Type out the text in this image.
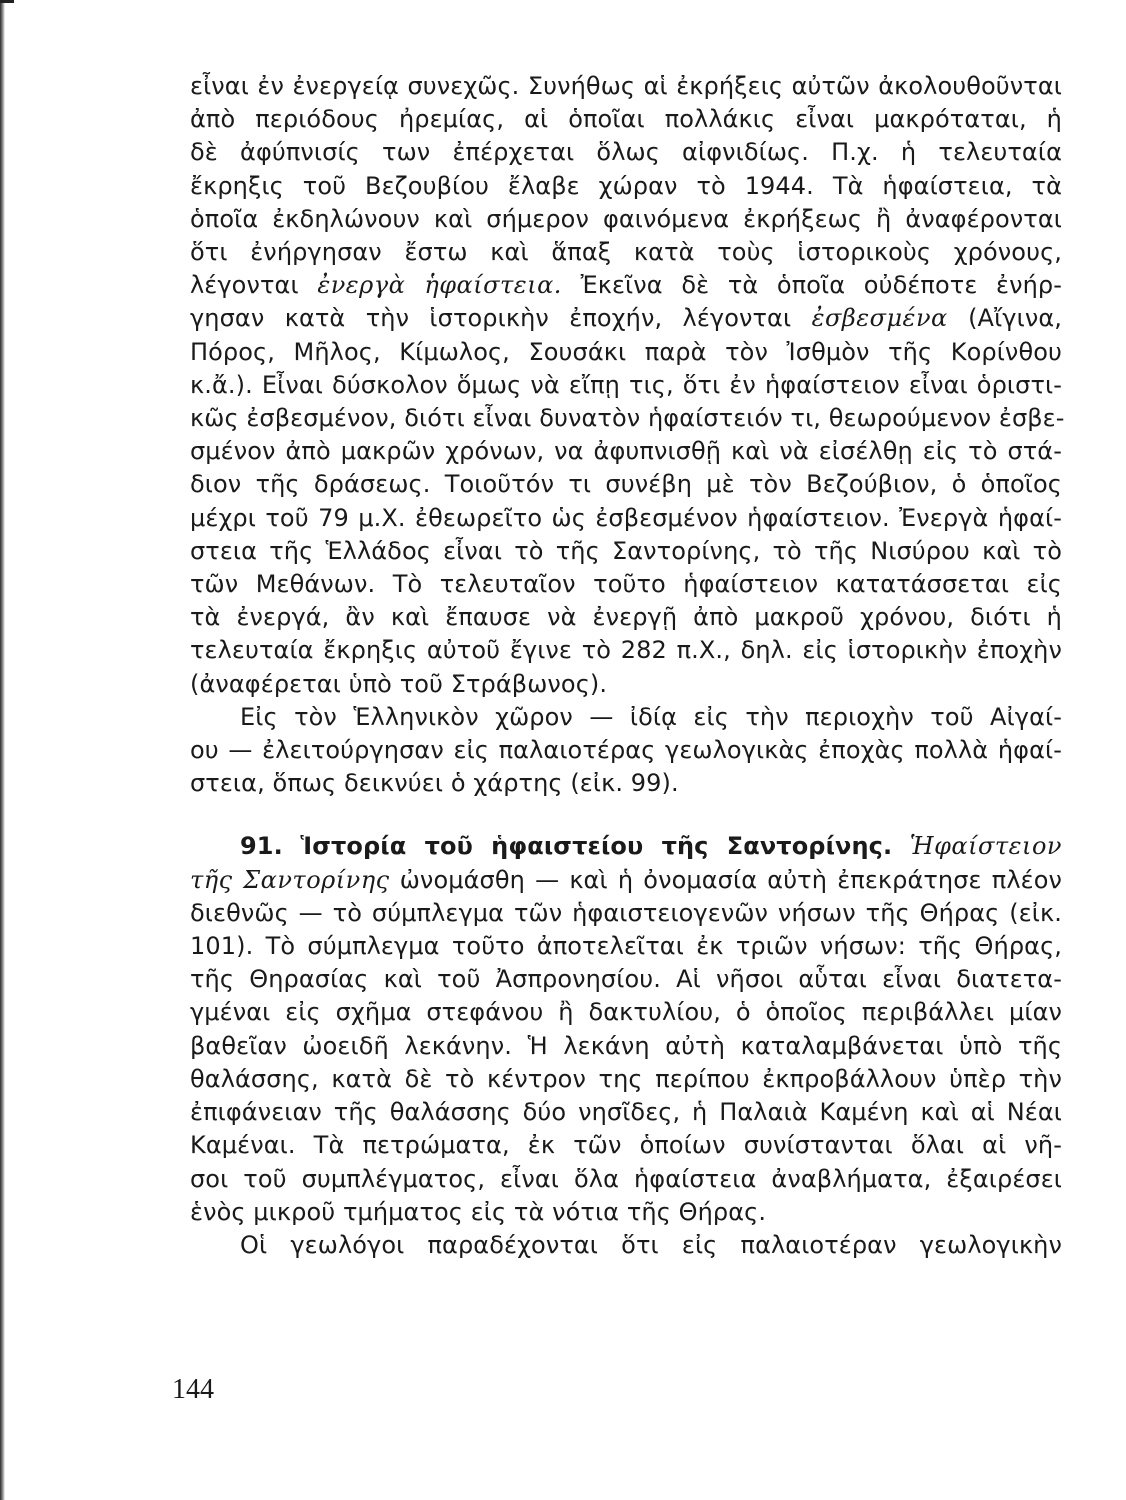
εἶναι ἐν ἐνεργείᾳ συνεχῶς. Συνήθως αἱ ἐκρήξεις αὐτῶν ἀκολουθοῦνται
ἀπὸ περιόδους ἠρεμίας, αἱ ὁποῖαι πολλάκις εἶναι μακρόταται, ἡ
δὲ ἀφύπνισίς των ἐπέρχεται ὅλως αἰφνιδίως. Π.χ. ἡ τελευταία
ἔκρηξις τοῦ Βεζουβίου ἔλαβε χώραν τὸ 1944. Τὰ ἡφαίστεια, τὰ
ὁποῖα ἐκδηλώνουν καὶ σήμερον φαινόμενα ἐκρήξεως ἢ ἀναφέρονται
ὅτι ἐνήργησαν ἔστω καὶ ἅπαξ κατὰ τοὺς ἱστορικοὺς χρόνους,
λέγονται ἐνεργὰ ἡφαίστεια. Ἐκεῖνα δὲ τὰ ὁποῖα οὐδέποτε ἐνήρ-
γησαν κατὰ τὴν ἱστορικὴν ἐποχήν, λέγονται ἐσβεσμένα (Αἴγινα,
Πόρος, Μῆλος, Κίμωλος, Σουσάκι παρὰ τὸν Ἰσθμὸν τῆς Κορίνθου
κ.ἄ.). Εἶναι δύσκολον ὅμως νὰ εἴπῃ τις, ὅτι ἐν ἡφαίστειον εἶναι ὁριστι-
κῶς ἐσβεσμένον, διότι εἶναι δυνατὸν ἡφαίστειόν τι, θεωρούμενον ἐσβε-
σμένον ἀπὸ μακρῶν χρόνων, να ἀφυπνισθῇ καὶ νὰ εἰσέλθῃ εἰς τὸ στά-
διον τῆς δράσεως. Τοιοῦτόν τι συνέβη μὲ τὸν Βεζούβιον, ὁ ὁποῖος
μέχρι τοῦ 79 μ.Χ. ἐθεωρεῖτο ὡς ἐσβεσμένον ἡφαίστειον. Ἐνεργὰ ἡφαί-
στεια τῆς Ἑλλάδος εἶναι τὸ τῆς Σαντορίνης, τὸ τῆς Νισύρου καὶ τὸ
τῶν Μεθάνων. Τὸ τελευταῖον τοῦτο ἡφαίστειον κατατάσσεται εἰς
τὰ ἐνεργά, ἂν καὶ ἔπαυσε νὰ ἐνεργῇ ἀπὸ μακροῦ χρόνου, διότι ἡ
τελευταία ἔκρηξις αὐτοῦ ἔγινε τὸ 282 π.Χ., δηλ. εἰς ἱστορικὴν ἐποχὴν
(ἀναφέρεται ὑπὸ τοῦ Στράβωνος).
Εἰς τὸν Ἑλληνικὸν χῶρον — ἰδίᾳ εἰς τὴν περιοχὴν τοῦ Αἰγαί-
ου — ἐλειτούργησαν εἰς παλαιοτέρας γεωλογικὰς ἐποχὰς πολλὰ ἡφαί-
στεια, ὅπως δεικνύει ὁ χάρτης (εἰκ. 99).
91. Ἱστορία τοῦ ἡφαιστείου τῆς Σαντορίνης. Ἡφαίστειον
τῆς Σαντορίνης ὠνομάσθη — καὶ ἡ ὀνομασία αὐτὴ ἐπεκράτησε πλέον
διεθνῶς — τὸ σύμπλεγμα τῶν ἡφαιστειογενῶν νήσων τῆς Θήρας (εἰκ.
101). Τὸ σύμπλεγμα τοῦτο ἀποτελεῖται ἐκ τριῶν νήσων: τῆς Θήρας,
τῆς Θηρασίας καὶ τοῦ Ἀσπρονησίου. Αἱ νῆσοι αὗται εἶναι διατετα-
γμέναι εἰς σχῆμα στεφάνου ἢ δακτυλίου, ὁ ὁποῖος περιβάλλει μίαν
βαθεῖαν ὠοειδῆ λεκάνην. Ἡ λεκάνη αὐτὴ καταλαμβάνεται ὑπὸ τῆς
θαλάσσης, κατὰ δὲ τὸ κέντρον της περίπου ἐκπροβάλλουν ὑπὲρ τὴν
ἐπιφάνειαν τῆς θαλάσσης δύο νησῖδες, ἡ Παλαιὰ Καμένη καὶ αἱ Νέαι
Καμέναι. Τὰ πετρώματα, ἐκ τῶν ὁποίων συνίστανται ὅλαι αἱ νῆ-
σοι τοῦ συμπλέγματος, εἶναι ὅλα ἡφαίστεια ἀναβλήματα, ἐξαιρέσει
ἑνὸς μικροῦ τμήματος εἰς τὰ νότια τῆς Θήρας.
Οἱ γεωλόγοι παραδέχονται ὅτι εἰς παλαιοτέραν γεωλογικὴν
144
